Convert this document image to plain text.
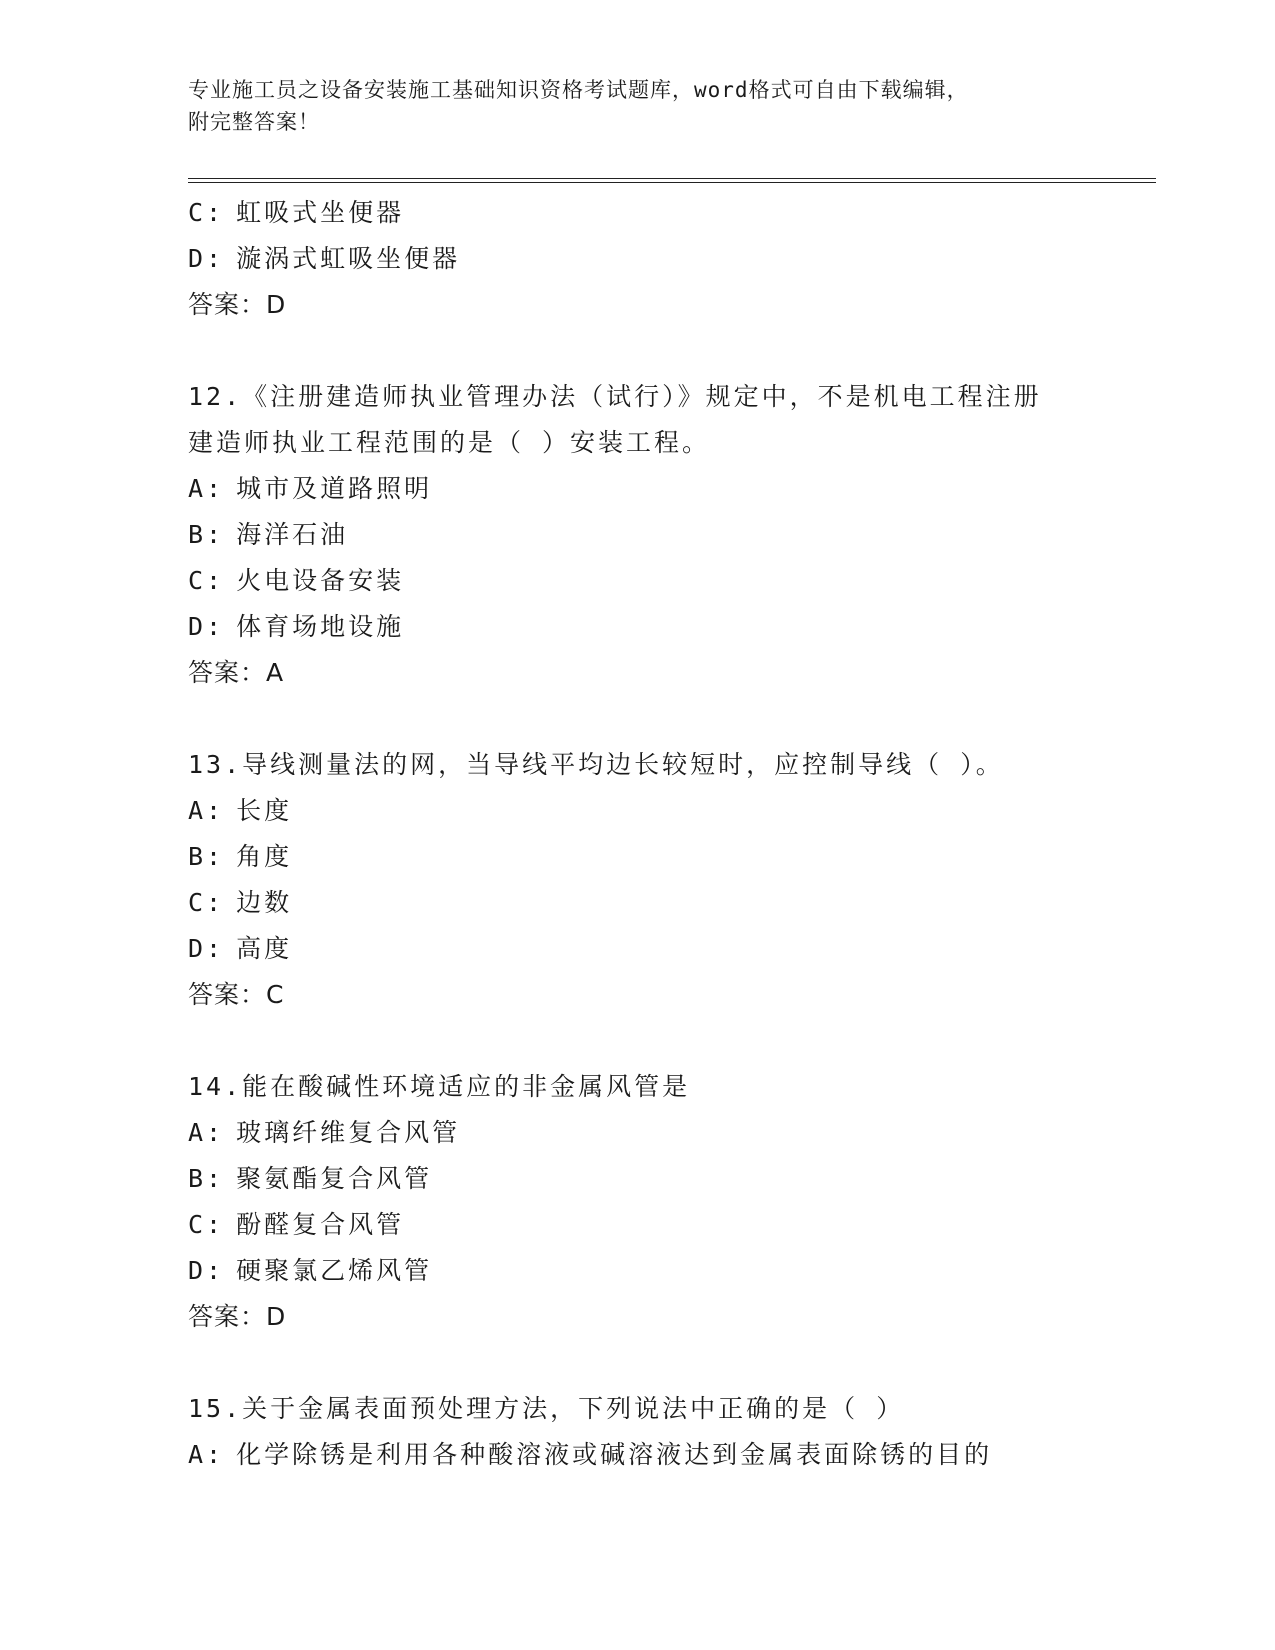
专业施工员之设备安装施工基础知识资格考试题库，word格式可自由下载编辑，
附完整答案！
C: 虹吸式坐便器
D: 漩涡式虹吸坐便器
答案：D
12.《注册建造师执业管理办法（试行）》规定中，不是机电工程注册
建造师执业工程范围的是（ ）安装工程。
A: 城市及道路照明
B: 海洋石油
C: 火电设备安装
D: 体育场地设施
答案：A
13.导线测量法的网，当导线平均边长较短时，应控制导线（ ）。
A: 长度
B: 角度
C: 边数
D: 高度
答案：C
14.能在酸碱性环境适应的非金属风管是
A: 玻璃纤维复合风管
B: 聚氨酯复合风管
C: 酚醛复合风管
D: 硬聚氯乙烯风管
答案：D
15.关于金属表面预处理方法，下列说法中正确的是（ ）
A: 化学除锈是利用各种酸溶液或碱溶液达到金属表面除锈的目的
